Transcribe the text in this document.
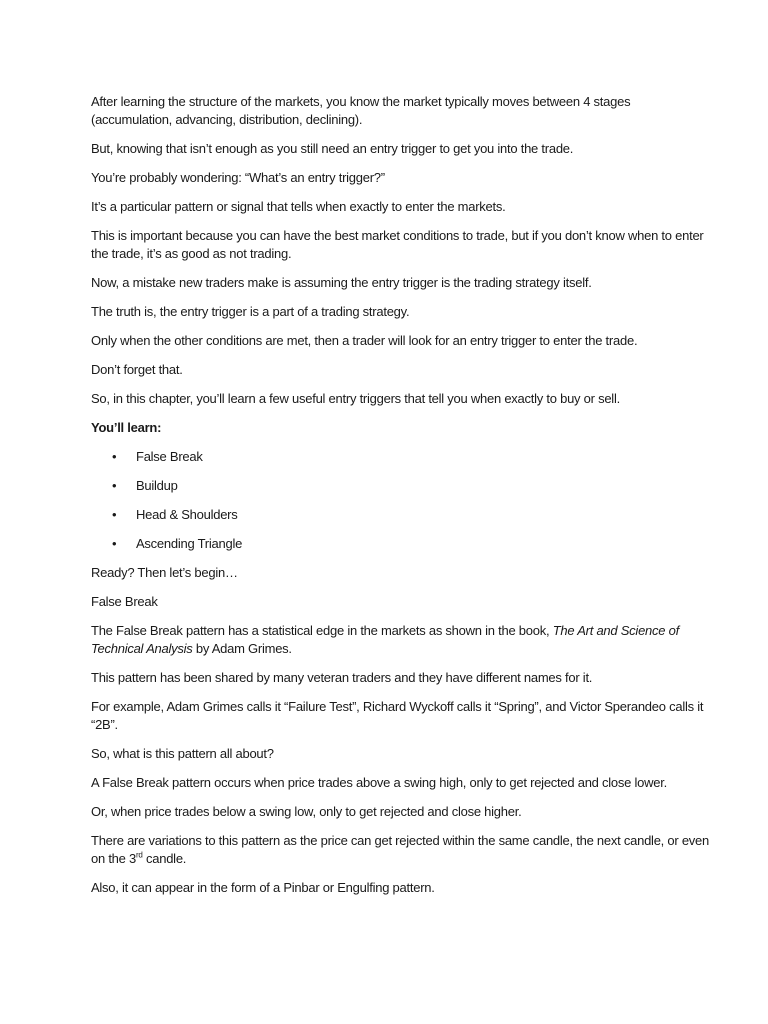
After learning the structure of the markets, you know the market typically moves between 4 stages (accumulation, advancing, distribution, declining).

But, knowing that isn’t enough as you still need an entry trigger to get you into the trade.

You’re probably wondering: “What’s an entry trigger?”

It’s a particular pattern or signal that tells when exactly to enter the markets.

This is important because you can have the best market conditions to trade, but if you don’t know when to enter the trade, it’s as good as not trading.

Now, a mistake new traders make is assuming the entry trigger is the trading strategy itself.

The truth is, the entry trigger is a part of a trading strategy.

Only when the other conditions are met, then a trader will look for an entry trigger to enter the trade.

Don’t forget that.

So, in this chapter, you’ll learn a few useful entry triggers that tell you when exactly to buy or sell.

You’ll learn:

• False Break
• Buildup
• Head & Shoulders
• Ascending Triangle

Ready? Then let’s begin…

False Break

The False Break pattern has a statistical edge in the markets as shown in the book, The Art and Science of Technical Analysis by Adam Grimes.

This pattern has been shared by many veteran traders and they have different names for it.

For example, Adam Grimes calls it “Failure Test”, Richard Wyckoff calls it “Spring”, and Victor Sperandeo calls it “2B”.

So, what is this pattern all about?

A False Break pattern occurs when price trades above a swing high, only to get rejected and close lower.

Or, when price trades below a swing low, only to get rejected and close higher.

There are variations to this pattern as the price can get rejected within the same candle, the next candle, or even on the 3rd candle.

Also, it can appear in the form of a Pinbar or Engulfing pattern.
